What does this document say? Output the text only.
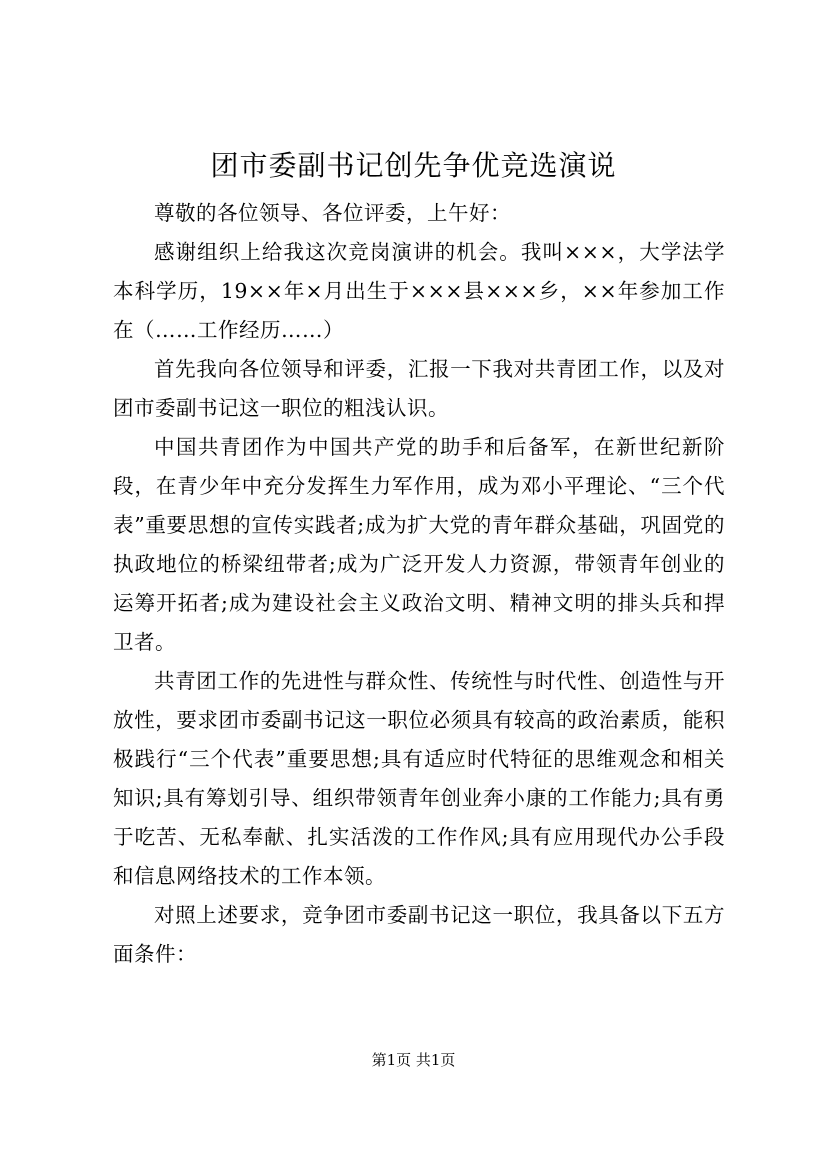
团市委副书记创先争优竞选演说

尊敬的各位领导、各位评委，上午好：

感谢组织上给我这次竞岗演讲的机会。我叫×××，大学法学本科学历，19××年×月出生于×××县×××乡，××年参加工作在（……工作经历……）

首先我向各位领导和评委，汇报一下我对共青团工作，以及对团市委副书记这一职位的粗浅认识。

中国共青团作为中国共产党的助手和后备军，在新世纪新阶段，在青少年中充分发挥生力军作用，成为邓小平理论、“三个代表”重要思想的宣传实践者;成为扩大党的青年群众基础，巩固党的执政地位的桥梁纽带者;成为广泛开发人力资源，带领青年创业的运筹开拓者;成为建设社会主义政治文明、精神文明的排头兵和捍卫者。

共青团工作的先进性与群众性、传统性与时代性、创造性与开放性，要求团市委副书记这一职位必须具有较高的政治素质，能积极践行“三个代表”重要思想;具有适应时代特征的思维观念和相关知识;具有筹划引导、组织带领青年创业奔小康的工作能力;具有勇于吃苦、无私奉献、扎实活泼的工作作风;具有应用现代办公手段和信息网络技术的工作本领。

对照上述要求，竞争团市委副书记这一职位，我具备以下五方面条件：

第1页 共1页
